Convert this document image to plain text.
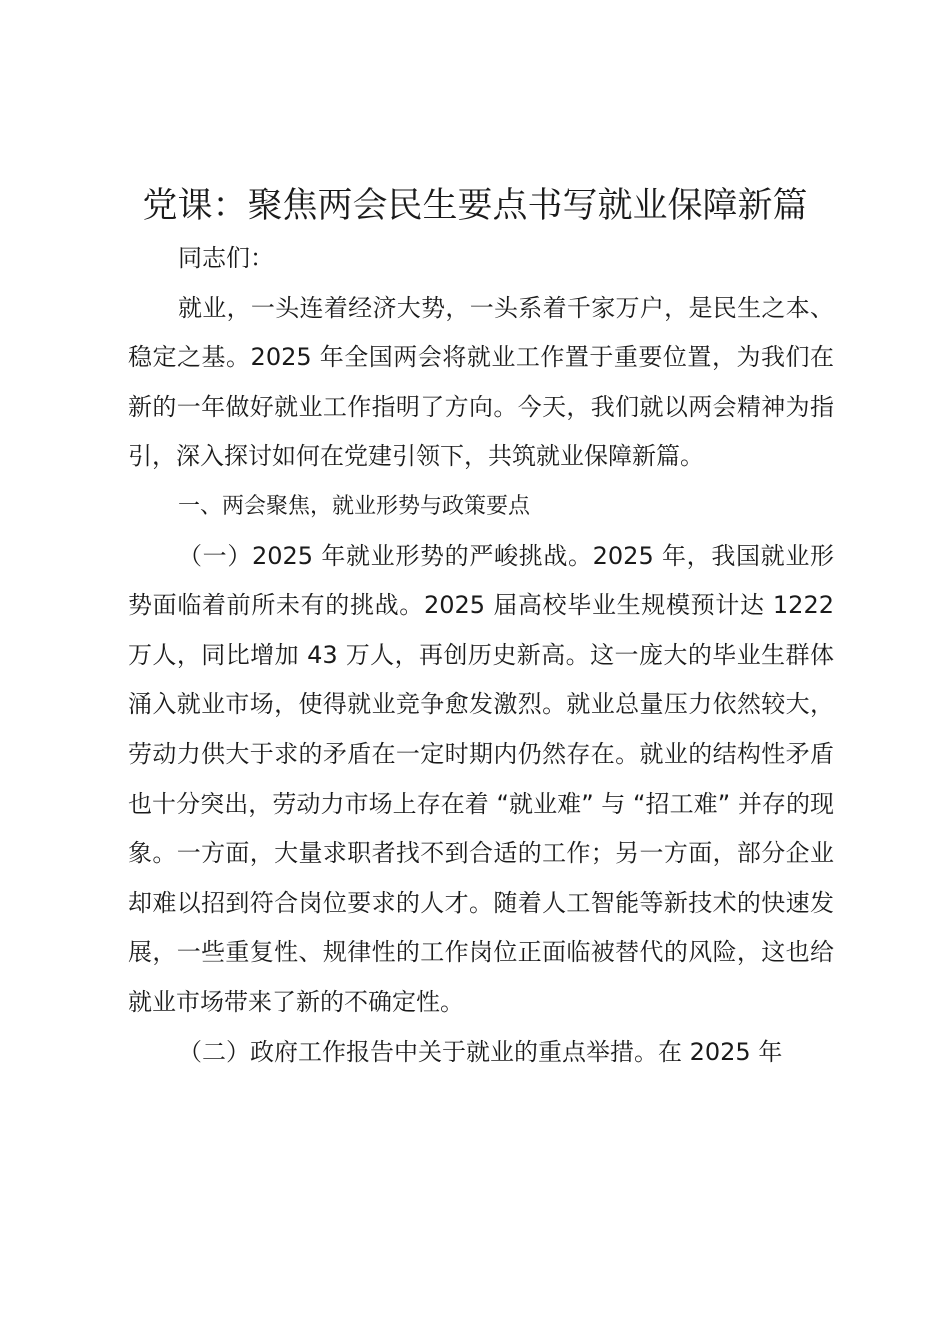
党课：聚焦两会民生要点书写就业保障新篇

同志们：

就业，一头连着经济大势，一头系着千家万户，是民生之本、稳定之基。2025 年全国两会将就业工作置于重要位置，为我们在新的一年做好就业工作指明了方向。今天，我们就以两会精神为指引，深入探讨如何在党建引领下，共筑就业保障新篇。

一、两会聚焦，就业形势与政策要点

（一）2025 年就业形势的严峻挑战。2025 年，我国就业形势面临着前所未有的挑战。2025 届高校毕业生规模预计达 1222 万人，同比增加 43 万人，再创历史新高。这一庞大的毕业生群体涌入就业市场，使得就业竞争愈发激烈。就业总量压力依然较大，劳动力供大于求的矛盾在一定时期内仍然存在。就业的结构性矛盾也十分突出，劳动力市场上存在着 “就业难” 与 “招工难” 并存的现象。一方面，大量求职者找不到合适的工作；另一方面，部分企业却难以招到符合岗位要求的人才。随着人工智能等新技术的快速发展，一些重复性、规律性的工作岗位正面临被替代的风险，这也给就业市场带来了新的不确定性。

（二）政府工作报告中关于就业的重点举措。在 2025 年
